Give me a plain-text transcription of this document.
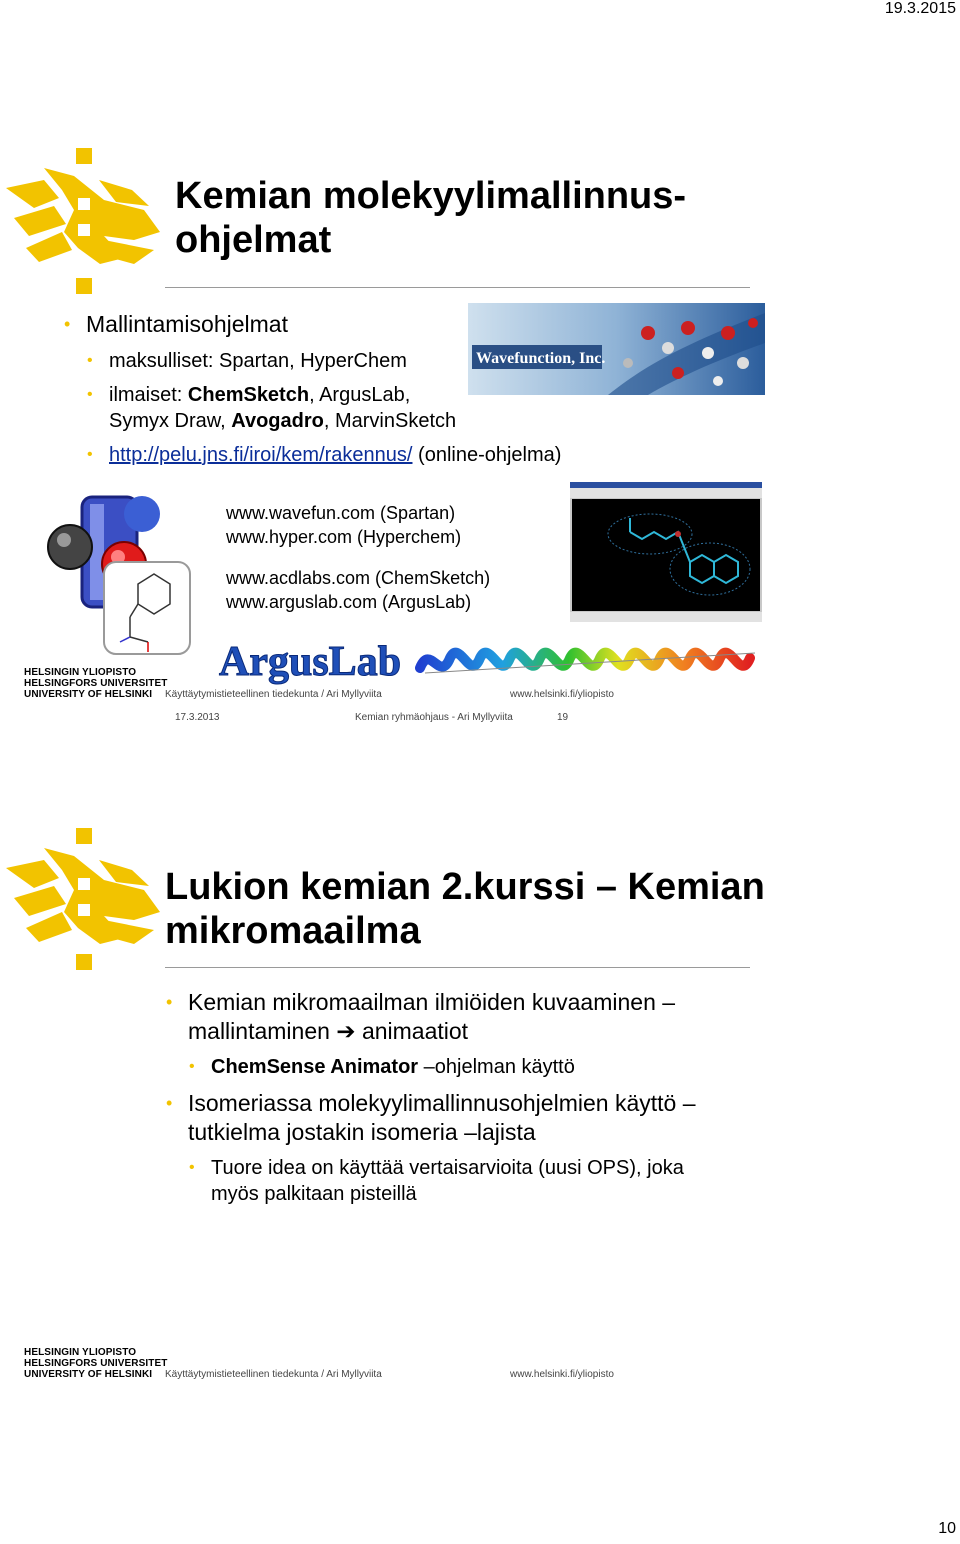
19.3.2015
Kemian molekyylimallinnus-ohjelmat
• Mallintamisohjelmat
• maksulliset: Spartan, HyperChem
• ilmaiset: ChemSketch, ArgusLab,
Symyx Draw, Avogadro, MarvinSketch
• http://pelu.jns.fi/iroi/kem/rakennus/ (online-ohjelma)
Wavefunction, Inc.
www.wavefun.com (Spartan)
www.hyper.com (Hyperchem)
www.acdlabs.com (ChemSketch)
www.arguslab.com (ArgusLab)
ArgusLab
HELSINGIN YLIOPISTO
HELSINGFORS UNIVERSITET
UNIVERSITY OF HELSINKI	Käyttäytymistieteellinen tiedekunta / Ari Myllyviita	www.helsinki.fi/yliopisto
17.3.2013	Kemian ryhmäohjaus - Ari Myllyviita	19
Lukion kemian 2.kurssi – Kemian mikromaailma
• Kemian mikromaailman ilmiöiden kuvaaminen –
mallintaminen ➔ animaatiot
• ChemSense Animator –ohjelman käyttö
• Isomeriassa molekyylimallinnusohjelmien käyttö –
tutkielma jostakin isomeria –lajista
• Tuore idea on käyttää vertaisarvioita (uusi OPS), joka
myös palkitaan pisteillä
HELSINGIN YLIOPISTO
HELSINGFORS UNIVERSITET
UNIVERSITY OF HELSINKI	Käyttäytymistieteellinen tiedekunta / Ari Myllyviita	www.helsinki.fi/yliopisto
10
